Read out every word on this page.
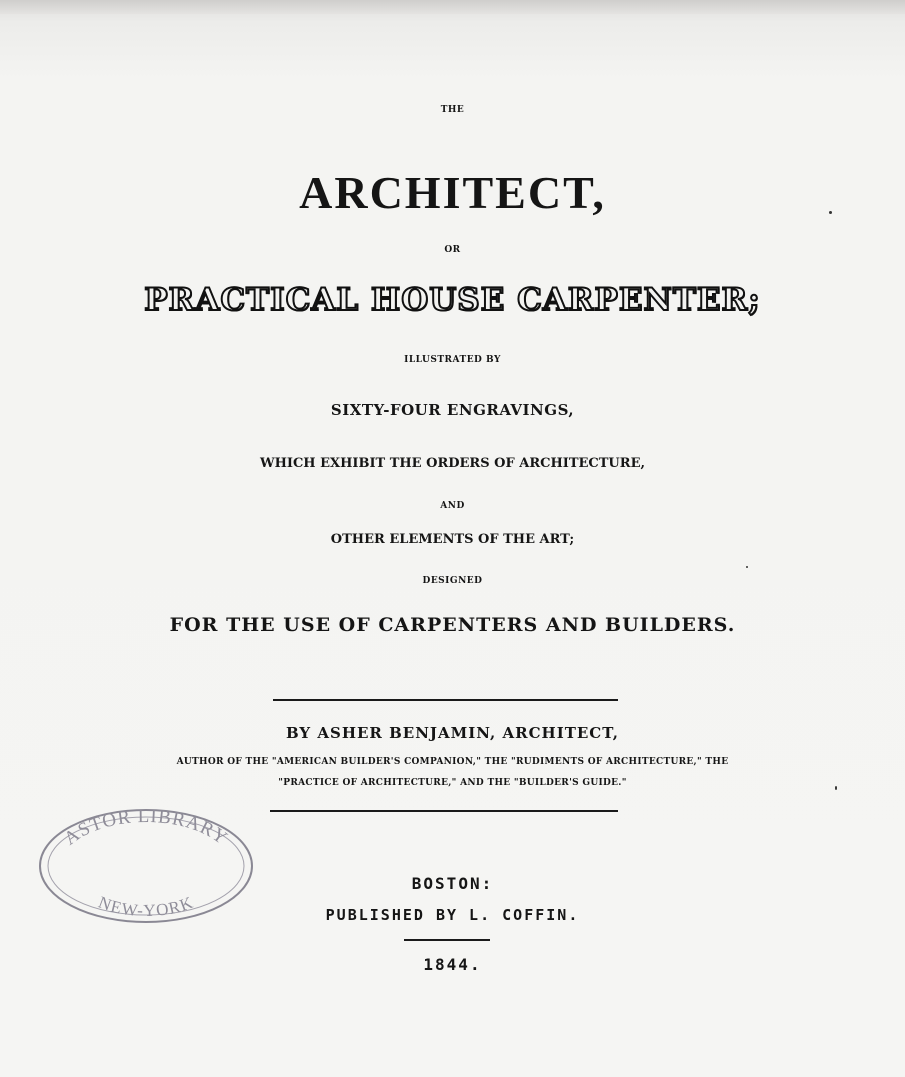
THE
ARCHITECT,
OR
PRACTICAL HOUSE CARPENTER;
ILLUSTRATED BY
SIXTY-FOUR ENGRAVINGS,
WHICH EXHIBIT THE ORDERS OF ARCHITECTURE,
AND
OTHER ELEMENTS OF THE ART;
DESIGNED
FOR THE USE OF CARPENTERS AND BUILDERS.
BY ASHER BENJAMIN, ARCHITECT,
AUTHOR OF THE "AMERICAN BUILDER'S COMPANION," THE "RUDIMENTS OF ARCHITECTURE," THE
"PRACTICE OF ARCHITECTURE," AND THE "BUILDER'S GUIDE."
ASTOR LIBRARY
NEW-YORK
BOSTON:
PUBLISHED BY L. COFFIN.
1844.
